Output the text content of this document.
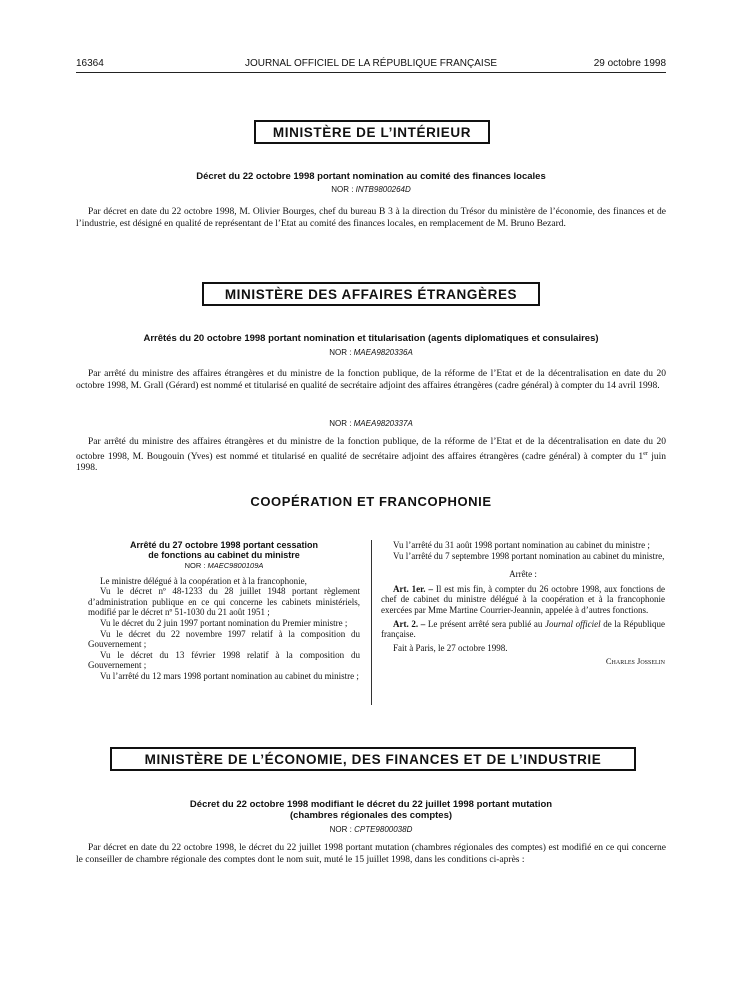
16364	JOURNAL OFFICIEL DE LA RÉPUBLIQUE FRANÇAISE	29 octobre 1998
MINISTÈRE DE L’INTÉRIEUR
Décret du 22 octobre 1998 portant nomination au comité des finances locales
NOR : INTB9800264D
Par décret en date du 22 octobre 1998, M. Olivier Bourges, chef du bureau B 3 à la direction du Trésor du ministère de l’économie, des finances et de l’industrie, est désigné en qualité de représentant de l’Etat au comité des finances locales, en remplacement de M. Bruno Bezard.
MINISTÈRE DES AFFAIRES ÉTRANGÈRES
Arrêtés du 20 octobre 1998 portant nomination et titularisation (agents diplomatiques et consulaires)
NOR : MAEA9820336A
Par arrêté du ministre des affaires étrangères et du ministre de la fonction publique, de la réforme de l’Etat et de la décentralisation en date du 20 octobre 1998, M. Grall (Gérard) est nommé et titularisé en qualité de secrétaire adjoint des affaires étrangères (cadre général) à compter du 14 avril 1998.
NOR : MAEA9820337A
Par arrêté du ministre des affaires étrangères et du ministre de la fonction publique, de la réforme de l’Etat et de la décentralisation en date du 20 octobre 1998, M. Bougouin (Yves) est nommé et titularisé en qualité de secrétaire adjoint des affaires étrangères (cadre général) à compter du 1er juin 1998.
COOPÉRATION ET FRANCOPHONIE
Arrêté du 27 octobre 1998 portant cessation
de fonctions au cabinet du ministre
NOR : MAEC9800109A

Le ministre délégué à la coopération et à la francophonie,

Vu le décret nº 48-1233 du 28 juillet 1948 portant règlement d’administration publique en ce qui concerne les cabinets ministériels, modifié par le décret nº 51-1030 du 21 août 1951 ;

Vu le décret du 2 juin 1997 portant nomination du Premier ministre ;

Vu le décret du 22 novembre 1997 relatif à la composition du Gouvernement ;

Vu le décret du 13 février 1998 relatif à la composition du Gouvernement ;

Vu l’arrêté du 12 mars 1998 portant nomination au cabinet du ministre ;

Vu l’arrêté du 31 août 1998 portant nomination au cabinet du ministre ;

Vu l’arrêté du 7 septembre 1998 portant nomination au cabinet du ministre,

Arrête :

Art. 1er. – Il est mis fin, à compter du 26 octobre 1998, aux fonctions de chef de cabinet du ministre délégué à la coopération et à la francophonie exercées par Mme Martine Courrier-Jeannin, appelée à d’autres fonctions.

Art. 2. – Le présent arrêté sera publié au Journal officiel de la République française.

Fait à Paris, le 27 octobre 1998.

Charles Josselin
MINISTÈRE DE L’ÉCONOMIE, DES FINANCES ET DE L’INDUSTRIE
Décret du 22 octobre 1998 modifiant le décret du 22 juillet 1998 portant mutation
(chambres régionales des comptes)
NOR : CPTE9800038D
Par décret en date du 22 octobre 1998, le décret du 22 juillet 1998 portant mutation (chambres régionales des comptes) est modifié en ce qui concerne le conseiller de chambre régionale des comptes dont le nom suit, muté le 15 juillet 1998, dans les conditions ci-après :
